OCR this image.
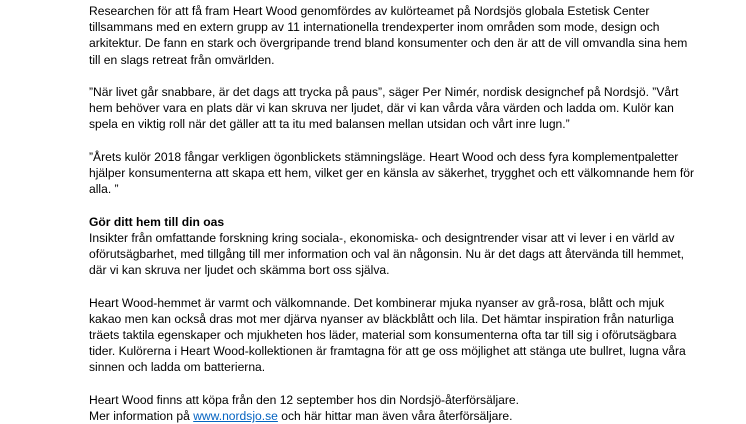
Researchen för att få fram Heart Wood genomfördes av kulörteamet på Nordsjös globala Estetisk Center tillsammans med en extern grupp av 11 internationella trendexperter inom områden som mode, design och arkitektur. De fann en stark och övergripande trend bland konsumenter och den är att de vill omvandla sina hem till en slags retreat från omvärlden.

”När livet går snabbare, är det dags att trycka på paus”, säger Per Nimér, nordisk designchef på Nordsjö. ”Vårt hem behöver vara en plats där vi kan skruva ner ljudet, där vi kan vårda våra värden och ladda om. Kulör kan spela en viktig roll när det gäller att ta itu med balansen mellan utsidan och vårt inre lugn.”

”Årets kulör 2018 fångar verkligen ögonblickets stämningsläge. Heart Wood och dess fyra komplementpaletter hjälper konsumenterna att skapa ett hem, vilket ger en känsla av säkerhet, trygghet och ett välkomnande hem för alla. ”

Gör ditt hem till din oas

Insikter från omfattande forskning kring sociala-, ekonomiska- och designtrender visar att vi lever i en värld av oförutsägbarhet, med tillgång till mer information och val än någonsin. Nu är det dags att återvända till hemmet, där vi kan skruva ner ljudet och skämma bort oss själva.

Heart Wood-hemmet är varmt och välkomnande. Det kombinerar mjuka nyanser av grå-rosa, blått och mjuk kakao men kan också dras mot mer djärva nyanser av bläckblått och lila. Det hämtar inspiration från naturliga träets taktila egenskaper och mjukheten hos läder, material som konsumenterna ofta tar till sig i oförutsägbara tider. Kulörerna i Heart Wood-kollektionen är framtagna för att ge oss möjlighet att stänga ute bullret, lugna våra sinnen och ladda om batterierna.

Heart Wood finns att köpa från den 12 september hos din Nordsjö-återförsäljare.

Mer information på www.nordsjo.se och här hittar man även våra återförsäljare.
